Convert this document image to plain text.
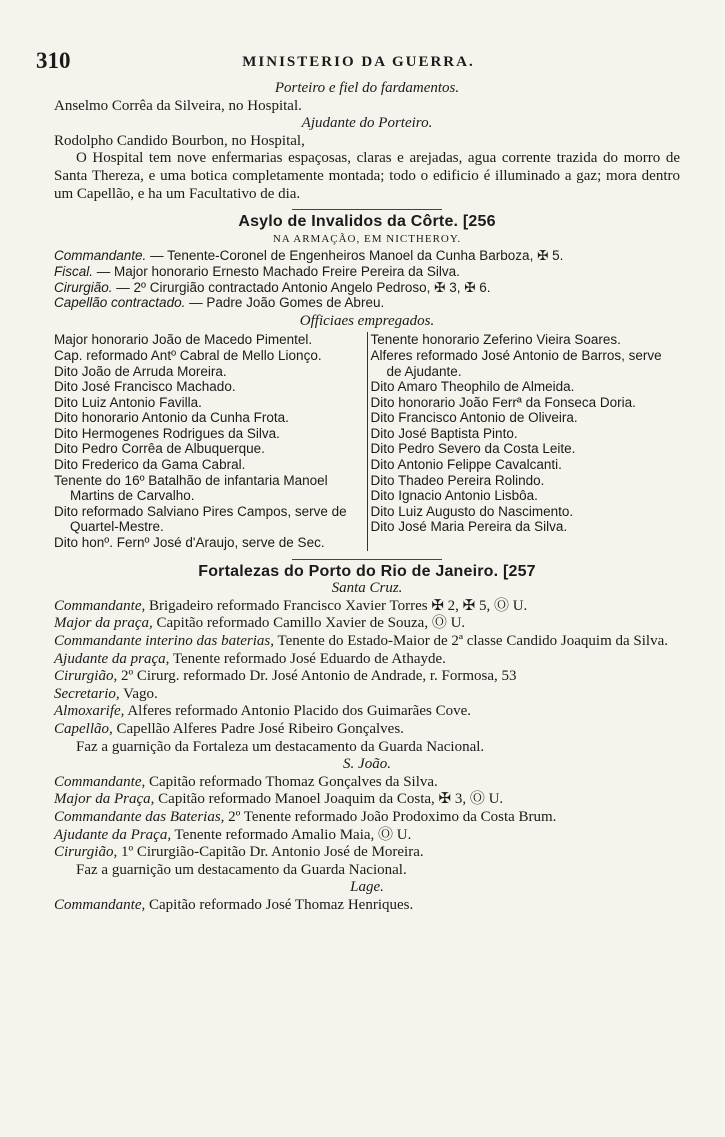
310	MINISTERIO DA GUERRA.
Porteiro e fiel do fardamentos.
Anselmo Corrêa da Silveira, no Hospital.
Ajudante do Porteiro.
Rodolpho Candido Bourbon, no Hospital,
O Hospital tem nove enfermarias espaçosas, claras e arejadas, agua corrente trazida do morro de Santa Thereza, e uma botica completamente montada; todo o edificio é illuminado a gaz; mora dentro um Capellão, e ha um Facultativo de dia.
Asylo de Invalidos da Côrte. [256
NA ARMAÇÃO, EM NICTHEROY.
Commandante. — Tenente-Coronel de Engenheiros Manoel da Cunha Barboza, ✠ 5.
Fiscal. — Major honorario Ernesto Machado Freire Pereira da Silva.
Cirurgião. — 2º Cirurgião contractado Antonio Angelo Pedroso, ✠ 3, ✠ 6.
Capellão contractado. — Padre João Gomes de Abreu.
Officiaes empregados.
Major honorario João de Macedo Pimentel.
Cap. reformado Antº Cabral de Mello Lionço.
Dito João de Arruda Moreira.
Dito José Francisco Machado.
Dito Luiz Antonio Favilla.
Dito honorario Antonio da Cunha Frota.
Dito Hermogenes Rodrigues da Silva.
Dito Pedro Corrêa de Albuquerque.
Dito Frederico da Gama Cabral.
Tenente do 16º Batalhão de infantaria Manoel Martins de Carvalho.
Dito reformado Salviano Pires Campos, serve de Quartel-Mestre.
Dito honº. Fernº José d'Araujo, serve de Sec.
Tenente honorario Zeferino Vieira Soares.
Alferes reformado José Antonio de Barros, serve de Ajudante.
Dito Amaro Theophilo de Almeida.
Dito honorario João Ferrª da Fonseca Doria.
Dito Francisco Antonio de Oliveira.
Dito José Baptista Pinto.
Dito Pedro Severo da Costa Leite.
Dito Antonio Felippe Cavalcanti.
Dito Thadeo Pereira Rolindo.
Dito Ignacio Antonio Lisbôa.
Dito Luiz Augusto do Nascimento.
Dito José Maria Pereira da Silva.
Fortalezas do Porto do Rio de Janeiro. [257
Santa Cruz.
Commandante, Brigadeiro reformado Francisco Xavier Torres ✠ 2, ✠ 5, Ⓞ U.
Major da praça, Capitão reformado Camillo Xavier de Souza, Ⓞ U.
Commandante interino das baterias, Tenente do Estado-Maior de 2ª classe Candido Joaquim da Silva.
Ajudante da praça, Tenente reformado José Eduardo de Athayde.
Cirurgião, 2º Cirurg. reformado Dr. José Antonio de Andrade, r. Formosa, 53
Secretario, Vago.
Almoxarife, Alferes reformado Antonio Placido dos Guimarães Cove.
Capellão, Capellão Alferes Padre José Ribeiro Gonçalves.
Faz a guarnição da Fortaleza um destacamento da Guarda Nacional.
S. João.
Commandante, Capitão reformado Thomaz Gonçalves da Silva.
Major da Praça, Capitão reformado Manoel Joaquim da Costa, ✠ 3, Ⓞ U.
Commandante das Baterias, 2º Tenente reformado João Prodoximo da Costa Brum.
Ajudante da Praça, Tenente reformado Amalio Maia, Ⓞ U.
Cirurgião, 1º Cirurgião-Capitão Dr. Antonio José de Moreira.
Faz a guarnição um destacamento da Guarda Nacional.
Lage.
Commandante, Capitão reformado José Thomaz Henriques.
